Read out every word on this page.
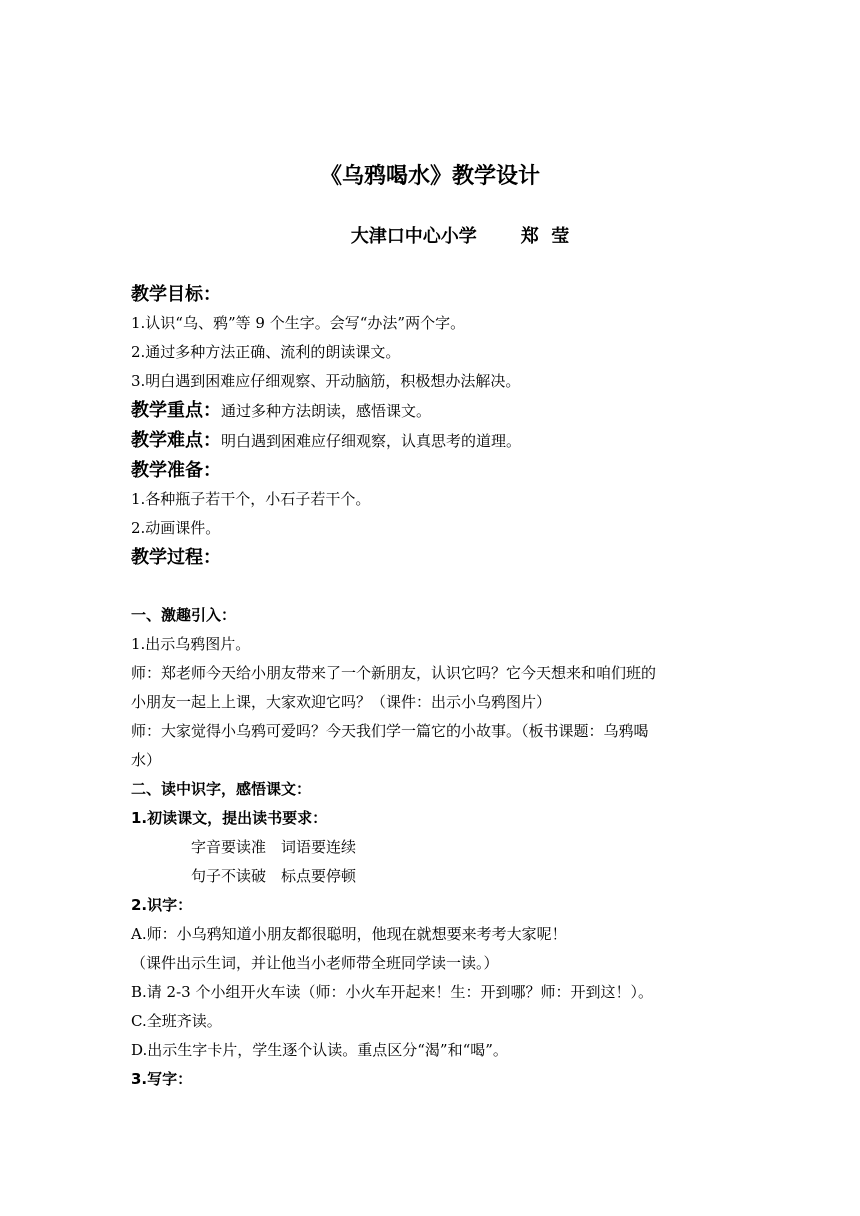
《乌鸦喝水》教学设计
大津口中心小学 郑  莹
教学目标：
1.认识“乌、鸦”等 9 个生字。会写“办法”两个字。
2.通过多种方法正确、流利的朗读课文。
3.明白遇到困难应仔细观察、开动脑筋，积极想办法解决。
教学重点：通过多种方法朗读，感悟课文。
教学难点：明白遇到困难应仔细观察，认真思考的道理。
教学准备：
1.各种瓶子若干个，小石子若干个。
2.动画课件。
教学过程：
一、激趣引入：
1.出示乌鸦图片。
师：郑老师今天给小朋友带来了一个新朋友，认识它吗？它今天想来和咱们班的
小朋友一起上上课，大家欢迎它吗？（课件：出示小乌鸦图片）
师：大家觉得小乌鸦可爱吗？今天我们学一篇它的小故事。（板书课题：乌鸦喝
水）
二、读中识字，感悟课文：
1.初读课文，提出读书要求：
字音要读准　词语要连续
句子不读破　标点要停顿
2.识字：
A.师：小乌鸦知道小朋友都很聪明，他现在就想要来考考大家呢！
（课件出示生词，并让他当小老师带全班同学读一读。）
B.请 2-3 个小组开火车读（师：小火车开起来！生：开到哪？师：开到这！）。
C.全班齐读。
D.出示生字卡片，学生逐个认读。重点区分“渴”和“喝”。
3.写字：
